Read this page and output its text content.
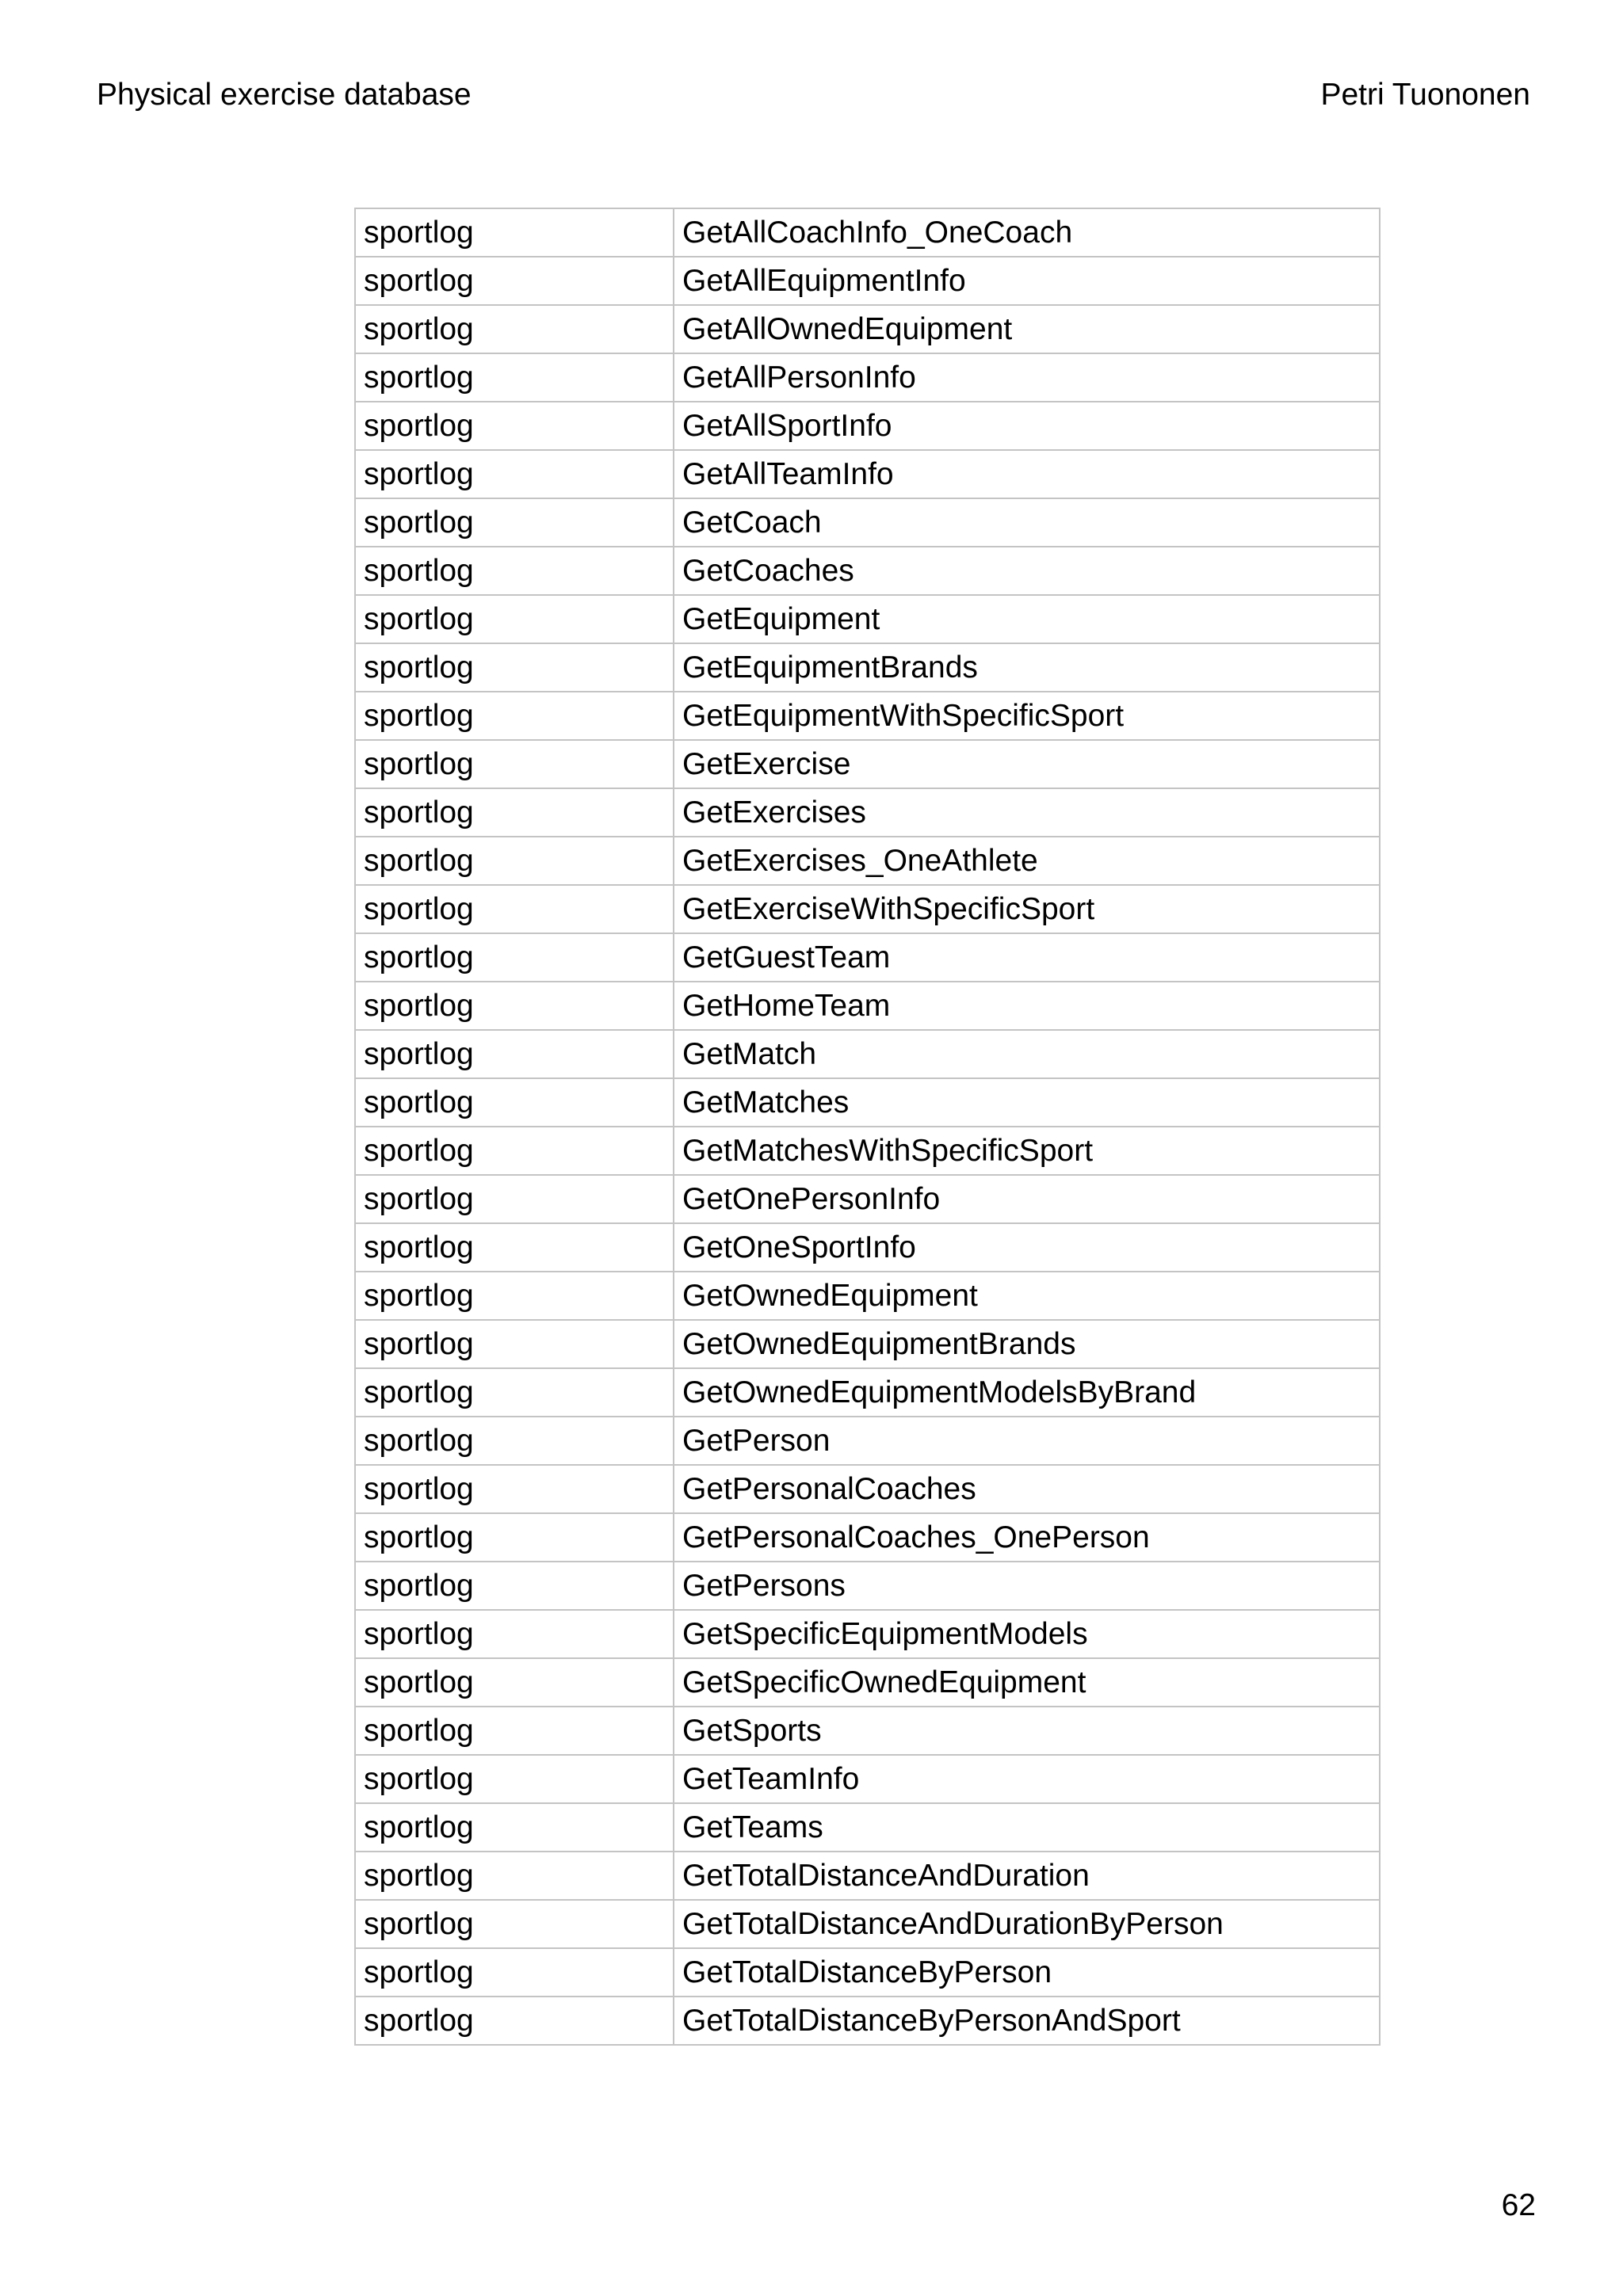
Physical exercise database	Petri Tuononen
sportlog	GetAllCoachInfo_OneCoach
sportlog	GetAllEquipmentInfo
sportlog	GetAllOwnedEquipment
sportlog	GetAllPersonInfo
sportlog	GetAllSportInfo
sportlog	GetAllTeamInfo
sportlog	GetCoach
sportlog	GetCoaches
sportlog	GetEquipment
sportlog	GetEquipmentBrands
sportlog	GetEquipmentWithSpecificSport
sportlog	GetExercise
sportlog	GetExercises
sportlog	GetExercises_OneAthlete
sportlog	GetExerciseWithSpecificSport
sportlog	GetGuestTeam
sportlog	GetHomeTeam
sportlog	GetMatch
sportlog	GetMatches
sportlog	GetMatchesWithSpecificSport
sportlog	GetOnePersonInfo
sportlog	GetOneSportInfo
sportlog	GetOwnedEquipment
sportlog	GetOwnedEquipmentBrands
sportlog	GetOwnedEquipmentModelsByBrand
sportlog	GetPerson
sportlog	GetPersonalCoaches
sportlog	GetPersonalCoaches_OnePerson
sportlog	GetPersons
sportlog	GetSpecificEquipmentModels
sportlog	GetSpecificOwnedEquipment
sportlog	GetSports
sportlog	GetTeamInfo
sportlog	GetTeams
sportlog	GetTotalDistanceAndDuration
sportlog	GetTotalDistanceAndDurationByPerson
sportlog	GetTotalDistanceByPerson
sportlog	GetTotalDistanceByPersonAndSport
62
